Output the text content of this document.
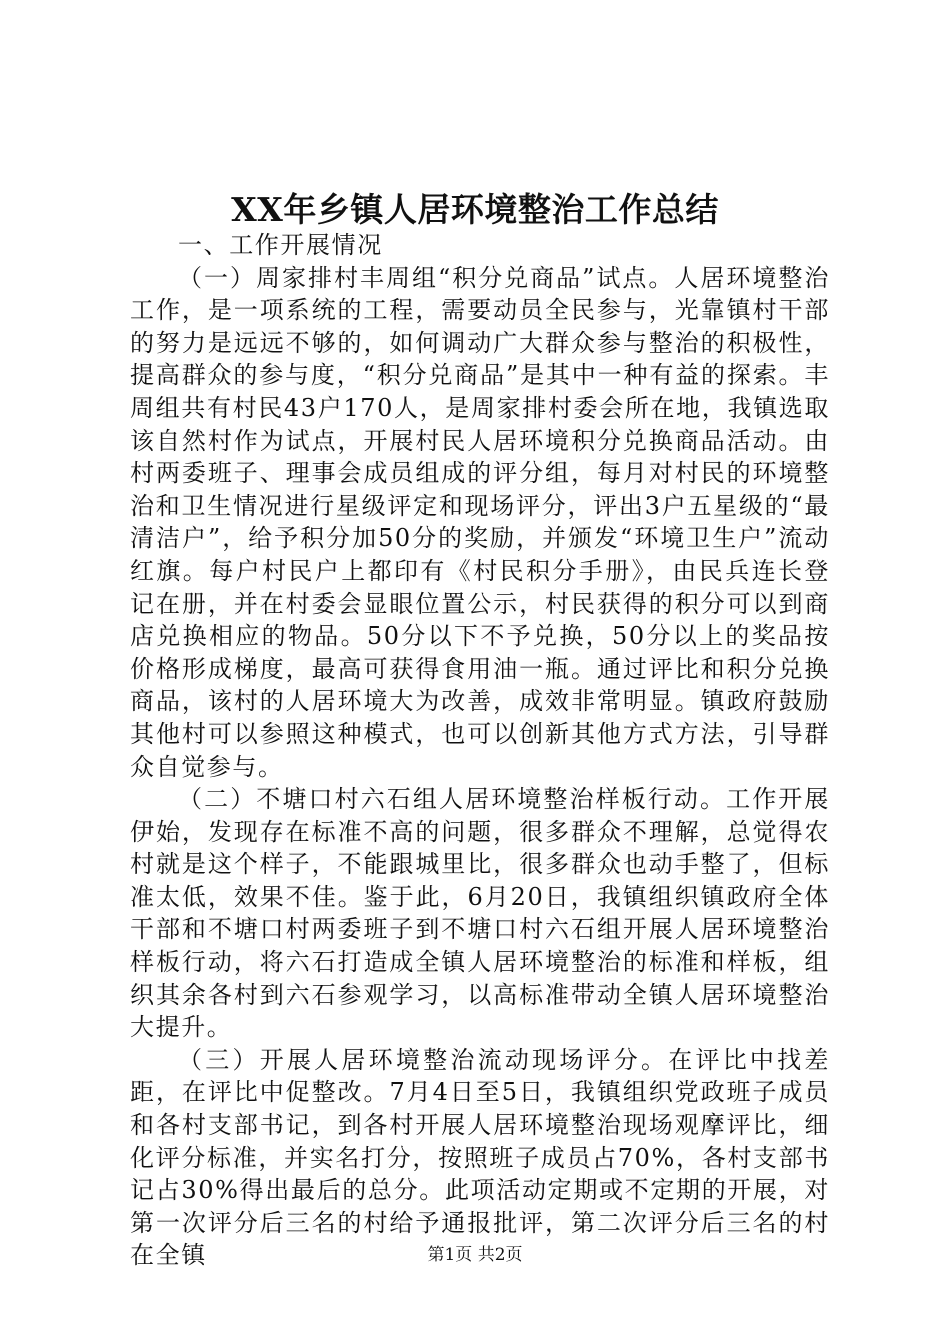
XX年乡镇人居环境整治工作总结

一、工作开展情况

（一）周家排村丰周组“积分兑商品”试点。人居环境整治工作，是一项系统的工程，需要动员全民参与，光靠镇村干部的努力是远远不够的，如何调动广大群众参与整治的积极性，提高群众的参与度，“积分兑商品”是其中一种有益的探索。丰周组共有村民43户170人，是周家排村委会所在地，我镇选取该自然村作为试点，开展村民人居环境积分兑换商品活动。由村两委班子、理事会成员组成的评分组，每月对村民的环境整治和卫生情况进行星级评定和现场评分，评出3户五星级的“最清洁户”，给予积分加50分的奖励，并颁发“环境卫生户”流动红旗。每户村民户上都印有《村民积分手册》，由民兵连长登记在册，并在村委会显眼位置公示，村民获得的积分可以到商店兑换相应的物品。50分以下不予兑换，50分以上的奖品按价格形成梯度，最高可获得食用油一瓶。通过评比和积分兑换商品，该村的人居环境大为改善，成效非常明显。镇政府鼓励其他村可以参照这种模式，也可以创新其他方式方法，引导群众自觉参与。

（二）不塘口村六石组人居环境整治样板行动。工作开展伊始，发现存在标准不高的问题，很多群众不理解，总觉得农村就是这个样子，不能跟城里比，很多群众也动手整了，但标准太低，效果不佳。鉴于此，6月20日，我镇组织镇政府全体干部和不塘口村两委班子到不塘口村六石组开展人居环境整治样板行动，将六石打造成全镇人居环境整治的标准和样板，组织其余各村到六石参观学习，以高标准带动全镇人居环境整治大提升。

（三）开展人居环境整治流动现场评分。在评比中找差距，在评比中促整改。7月4日至5日，我镇组织党政班子成员和各村支部书记，到各村开展人居环境整治现场观摩评比，细化评分标准，并实名打分，按照班子成员占70%，各村支部书记占30%得出最后的总分。此项活动定期或不定期的开展，对第一次评分后三名的村给予通报批评，第二次评分后三名的村在全镇	第1页 共2页
